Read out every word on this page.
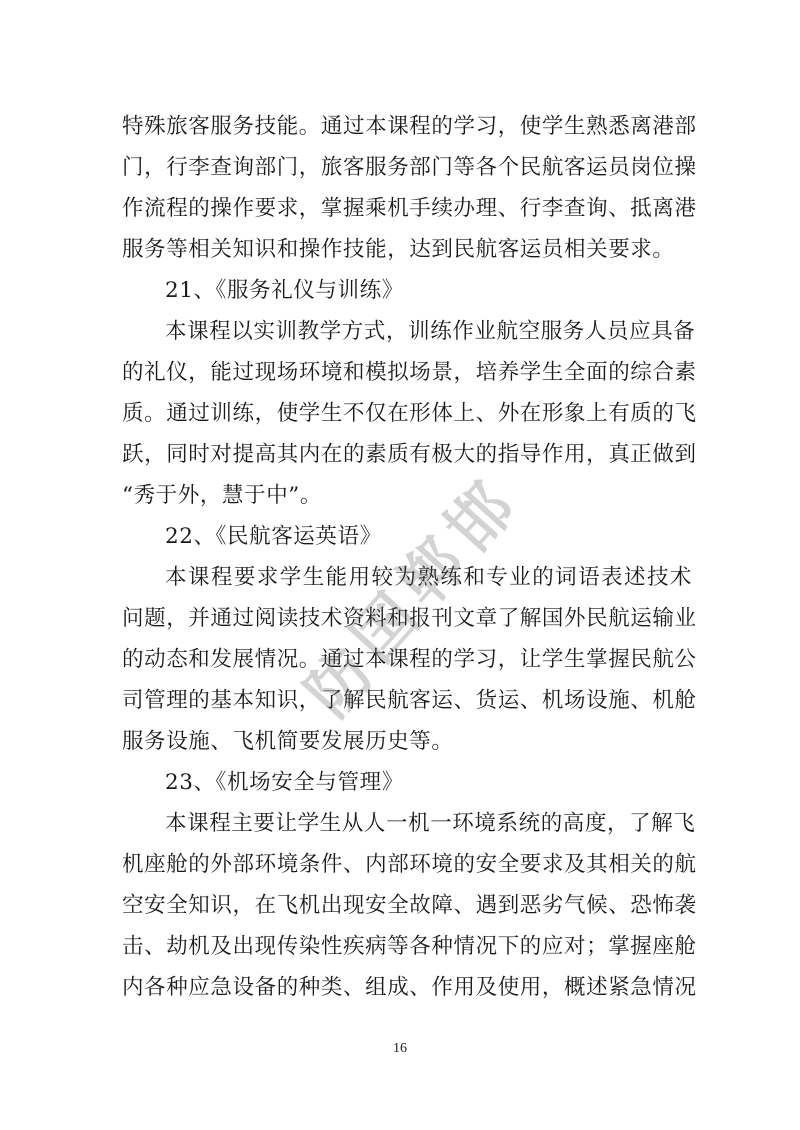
特殊旅客服务技能。通过本课程的学习，使学生熟悉离港部
门，行李查询部门，旅客服务部门等各个民航客运员岗位操
作流程的操作要求，掌握乘机手续办理、行李查询、抵离港
服务等相关知识和操作技能，达到民航客运员相关要求。
21、《服务礼仪与训练》
本课程以实训教学方式，训练作业航空服务人员应具备
的礼仪，能过现场环境和模拟场景，培养学生全面的综合素
质。通过训练，使学生不仅在形体上、外在形象上有质的飞
跃，同时对提高其内在的素质有极大的指导作用，真正做到
“秀于外，慧于中”。
22、《民航客运英语》
本课程要求学生能用较为熟练和专业的词语表述技术
问题，并通过阅读技术资料和报刊文章了解国外民航运输业
的动态和发展情况。通过本课程的学习，让学生掌握民航公
司管理的基本知识，了解民航客运、货运、机场设施、机舱
服务设施、飞机简要发展历史等。
23、《机场安全与管理》
本课程主要让学生从人一机一环境系统的高度，了解飞
机座舱的外部环境条件、内部环境的安全要求及其相关的航
空安全知识，在飞机出现安全故障、遇到恶劣气候、恐怖袭
击、劫机及出现传染性疾病等各种情况下的应对；掌握座舱
内各种应急设备的种类、组成、作用及使用，概述紧急情况
邯
郸
国
防
16
